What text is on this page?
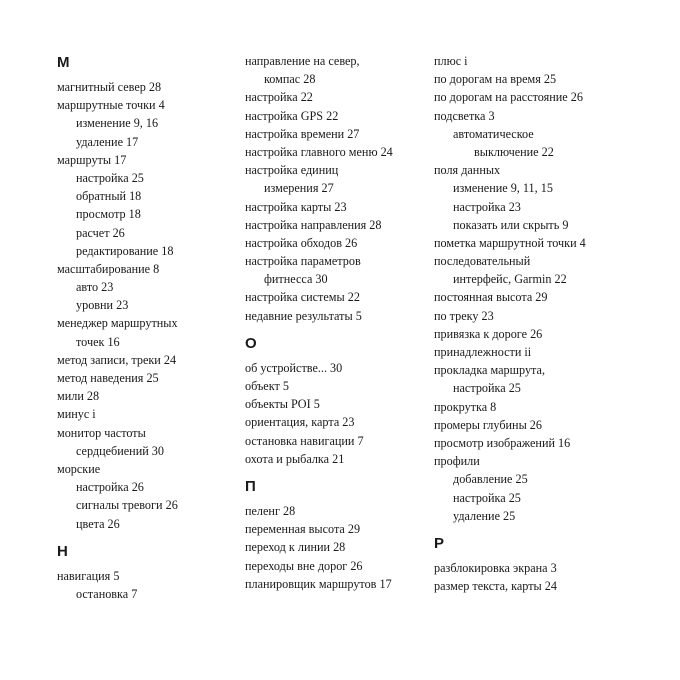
М
магнитный север 28
маршрутные точки 4
изменение 9, 16
удаление 17
маршруты 17
настройка 25
обратный 18
просмотр 18
расчет 26
редактирование 18
масштабирование 8
авто 23
уровни 23
менеджер маршрутных
точек 16
метод записи, треки 24
метод наведения 25
мили 28
минус i
монитор частоты
сердцебиений 30
морские
настройка 26
сигналы тревоги 26
цвета 26
Н
навигация 5
остановка 7
направление на север,
компас 28
настройка 22
настройка GPS 22
настройка времени 27
настройка главного меню 24
настройка единиц
измерения 27
настройка карты 23
настройка направления 28
настройка обходов 26
настройка параметров
фитнесса 30
настройка системы 22
недавние результаты 5
О
об устройстве... 30
объект 5
объекты POI 5
ориентация, карта 23
остановка навигации 7
охота и рыбалка 21
П
пеленг 28
переменная высота 29
переход к линии 28
переходы вне дорог 26
планировщик маршрутов 17
плюс i
по дорогам на время 25
по дорогам на расстояние 26
подсветка 3
автоматическое
выключение 22
поля данных
изменение 9, 11, 15
настройка 23
показать или скрыть 9
пометка маршрутной точки 4
последовательный
интерфейс, Garmin 22
постоянная высота 29
по треку 23
привязка к дороге 26
принадлежности ii
прокладка маршрута,
настройка 25
прокрутка 8
промеры глубины 26
просмотр изображений 16
профили
добавление 25
настройка 25
удаление 25
Р
разблокировка экрана 3
размер текста, карты 24
